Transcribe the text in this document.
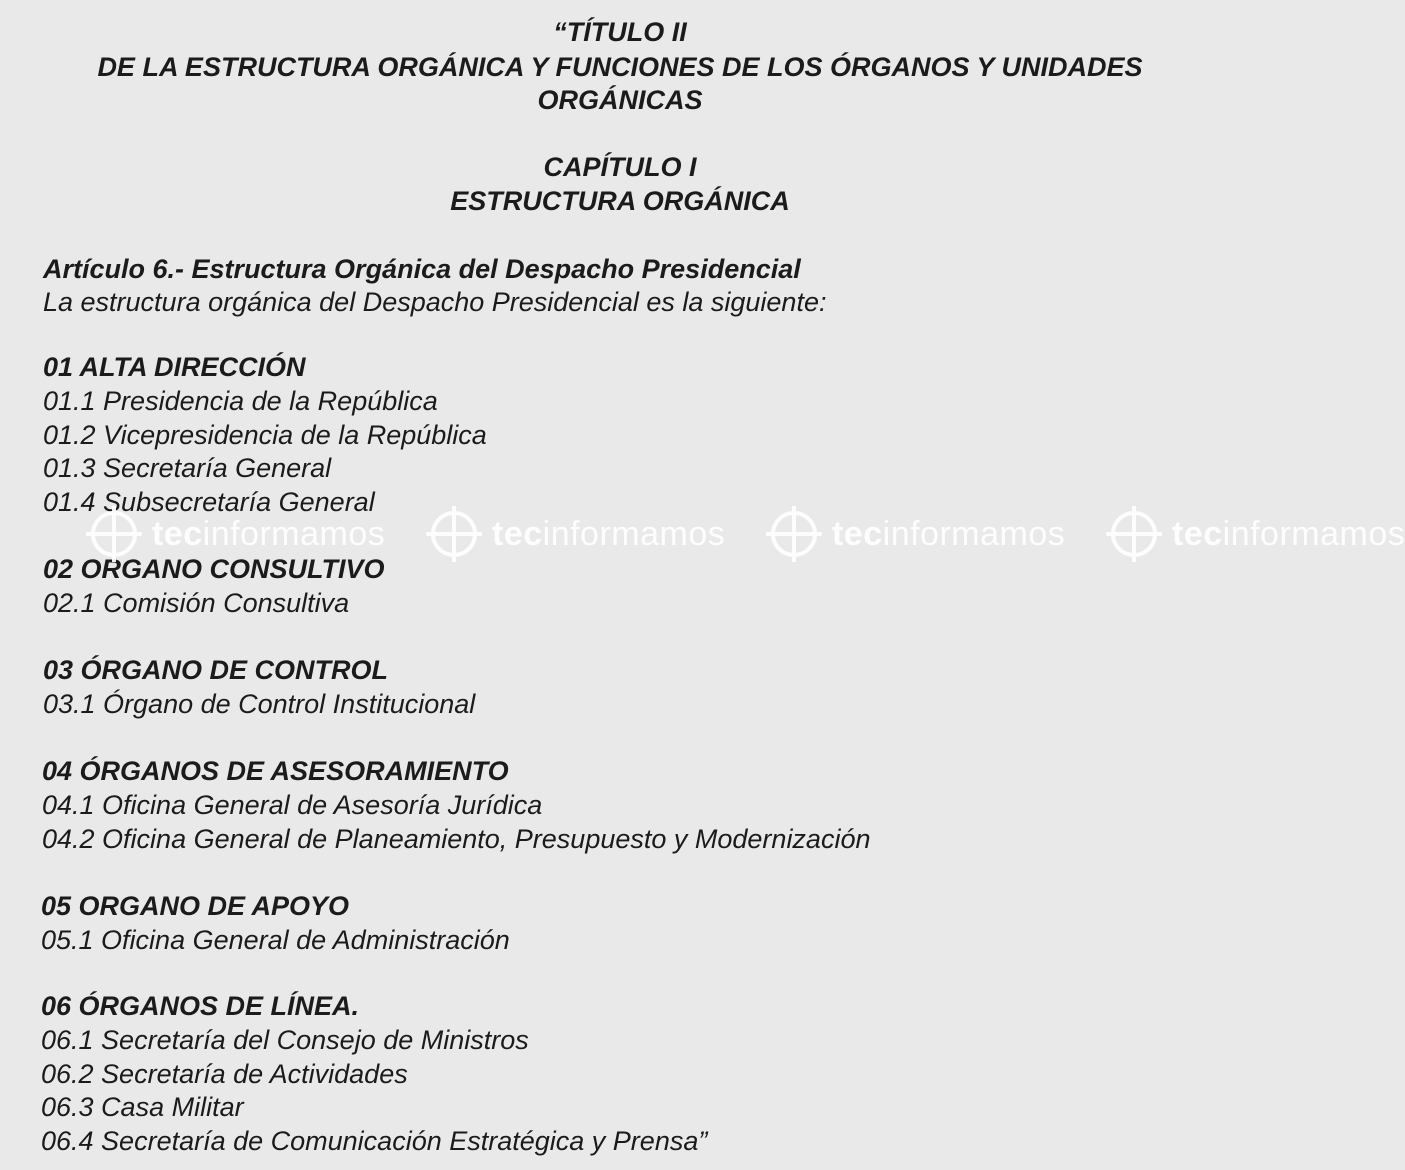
“TÍTULO II
DE LA ESTRUCTURA ORGÁNICA Y FUNCIONES DE LOS ÓRGANOS Y UNIDADES
ORGÁNICAS
CAPÍTULO I
ESTRUCTURA ORGÁNICA
Artículo 6.- Estructura Orgánica del Despacho Presidencial
La estructura orgánica del Despacho Presidencial es la siguiente:
01 ALTA DIRECCIÓN
01.1 Presidencia de la República
01.2 Vicepresidencia de la República
01.3 Secretaría General
01.4 Subsecretaría General
02 ORGANO CONSULTIVO
02.1 Comisión Consultiva
03 ÓRGANO DE CONTROL
03.1 Órgano de Control Institucional
04 ÓRGANOS DE ASESORAMIENTO
04.1 Oficina General de Asesoría Jurídica
04.2 Oficina General de Planeamiento, Presupuesto y Modernización
05 ORGANO DE APOYO
05.1 Oficina General de Administración
06 ÓRGANOS DE LÍNEA.
06.1 Secretaría del Consejo de Ministros
06.2 Secretaría de Actividades
06.3 Casa Militar
06.4 Secretaría de Comunicación Estratégica y Prensa”
tecinformamos	tecinformamos	tecinformamos	tecinformamos
